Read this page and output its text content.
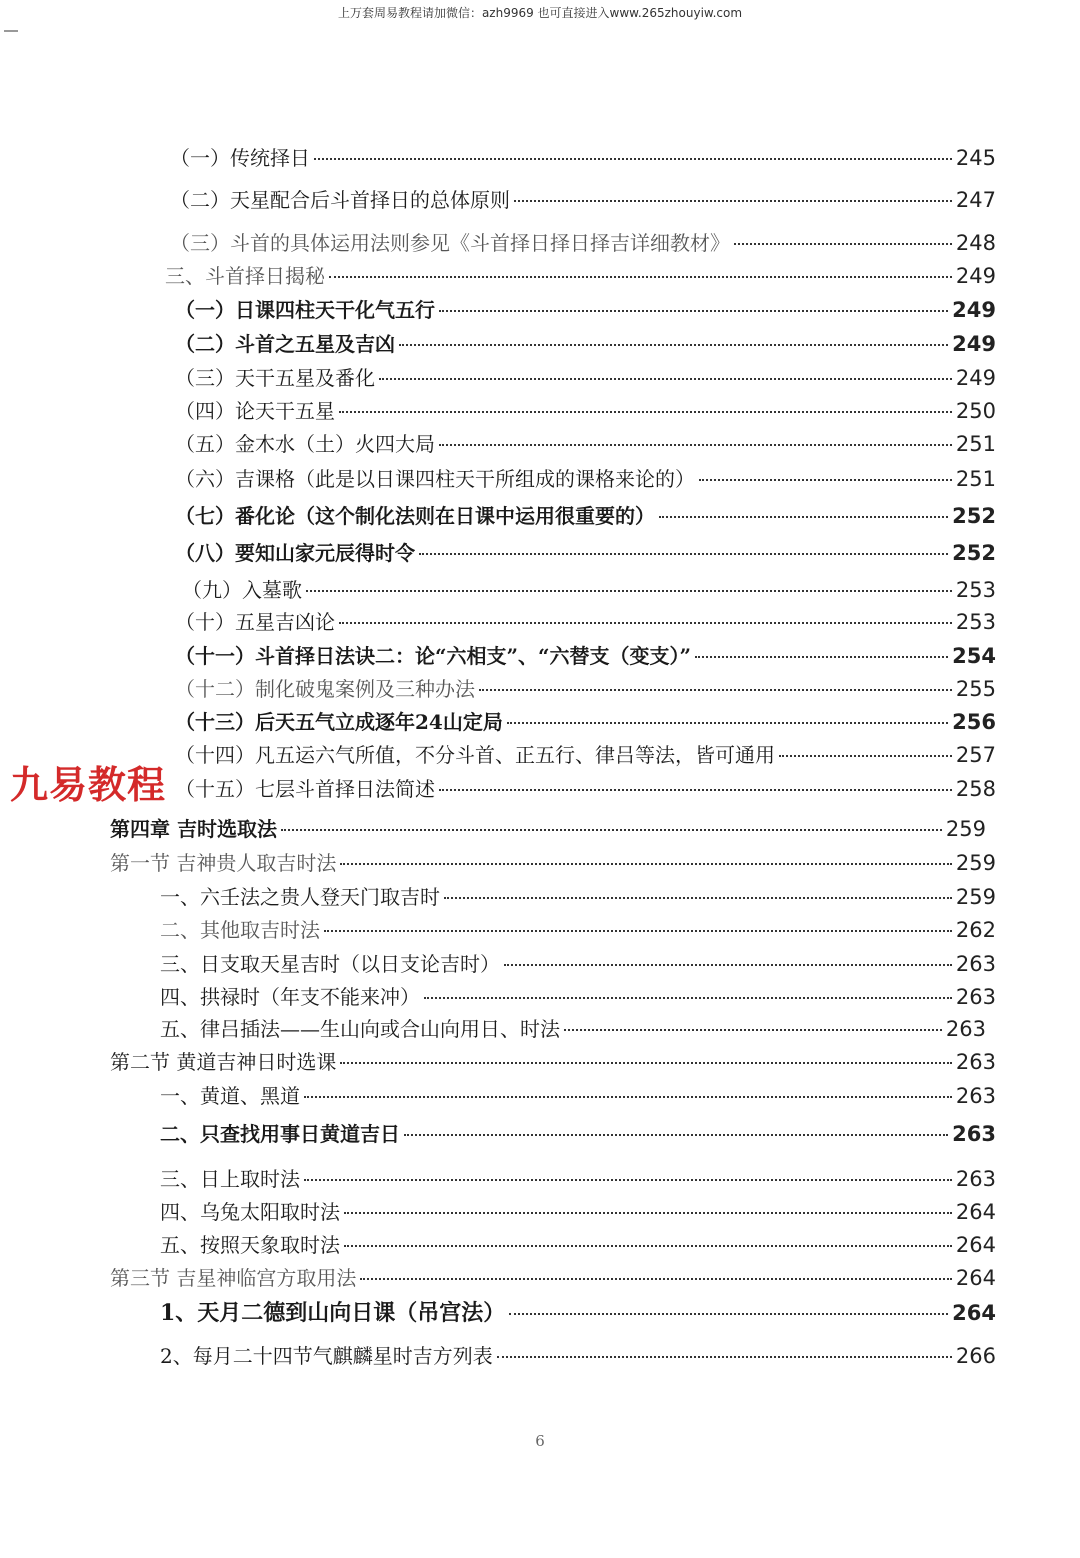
上万套周易教程请加微信：azh9969 也可直接进入www.265zhouyiw.com
（一）传统择日	245
（二）天星配合后斗首择日的总体原则	247
（三）斗首的具体运用法则参见《斗首择日择日择吉详细教材》	248
三、斗首择日揭秘	249
（一）日课四柱天干化气五行	249
（二）斗首之五星及吉凶	249
（三）天干五星及番化	249
（四）论天干五星	250
（五）金木水（土）火四大局	251
（六）吉课格（此是以日课四柱天干所组成的课格来论的）	251
（七）番化论（这个制化法则在日课中运用很重要的）	252
（八）要知山家元辰得时令	252
（九）入墓歌	253
（十）五星吉凶论	253
（十一）斗首择日法诀二：论“六相支”、“六替支（变支）”	254
（十二）制化破鬼案例及三种办法	255
（十三）后天五气立成逐年24山定局	256
（十四）凡五运六气所值，不分斗首、正五行、律吕等法，皆可通用	257
（十五）七层斗首择日法简述	258
第四章 吉时选取法	259
第一节 吉神贵人取吉时法	259
一、六壬法之贵人登天门取吉时	259
二、其他取吉时法	262
三、日支取天星吉时（以日支论吉时）	263
四、拱禄时（年支不能来冲）	263
五、律吕插法——生山向或合山向用日、时法	263
第二节 黄道吉神日时选课	263
一、黄道、黑道	263
二、只查找用事日黄道吉日	263
三、日上取时法	263
四、乌兔太阳取时法	264
五、按照天象取时法	264
第三节 吉星神临宫方取用法	264
1、天月二德到山向日课（吊宫法）	264
2、每月二十四节气麒麟星时吉方列表	266
九易教程
6
